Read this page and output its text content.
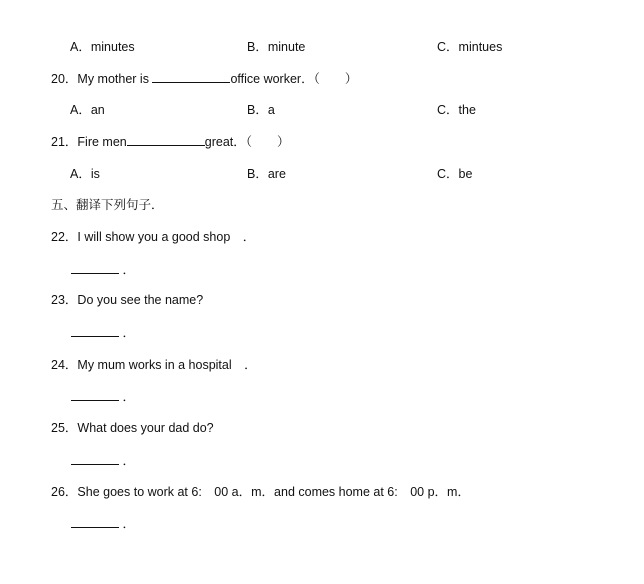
A．minutes	B．minute	C．mintues
20．My mother is	office worker．（　　）
A．an	B．a	C．the
21．Fire men	great．（　　）
A．is	B．are	C．be
五、翻译下列句子．
22．I will show you a good shop　．
．
23．Do you see the name?
．
24．My mum works in a hospital　．
．
25．What does your dad do?
．
26．She goes to work at 6:　00 a．m．and comes home at 6:　00 p．m．
．
